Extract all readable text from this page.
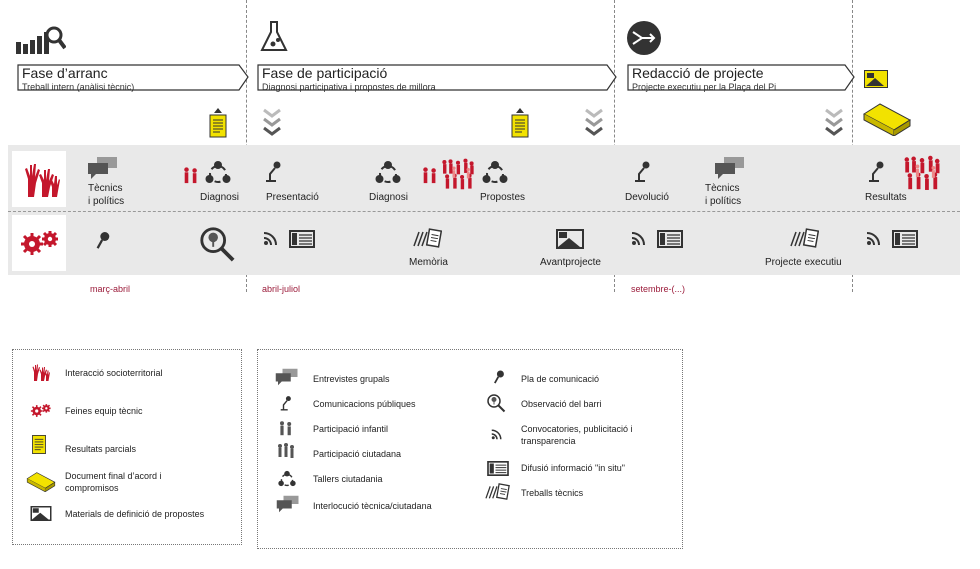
Fase d’arranc
Treball intern (anàlisi tècnic)
Fase de participació
Diagnosi participativa i propostes de millora
Redacció de projecte
Projecte executiu per la Plaça del Pi
Tècnics
i polítics	Diagnosi	Presentació	Diagnosi	Propostes	Devolució
Tècnics
i polítics	Resultats
Memòria	Avantprojecte	Projecte executiu
març-abril	abril-juliol	setembre-(...)
Interacció socioterritorial
Feines equip tècnic
Resultats parcials
Document final d’acord i
compromisos
Materials de definició de propostes
Entrevistes grupals
Comunicacions públiques
Participació infantil
Participació ciutadana
Tallers ciutadania
Interlocució tècnica/ciutadana
Pla de comunicació
Observació del barri
Convocatories, publicitació i
transparencia
Difusió informació "in situ"
Treballs tècnics
